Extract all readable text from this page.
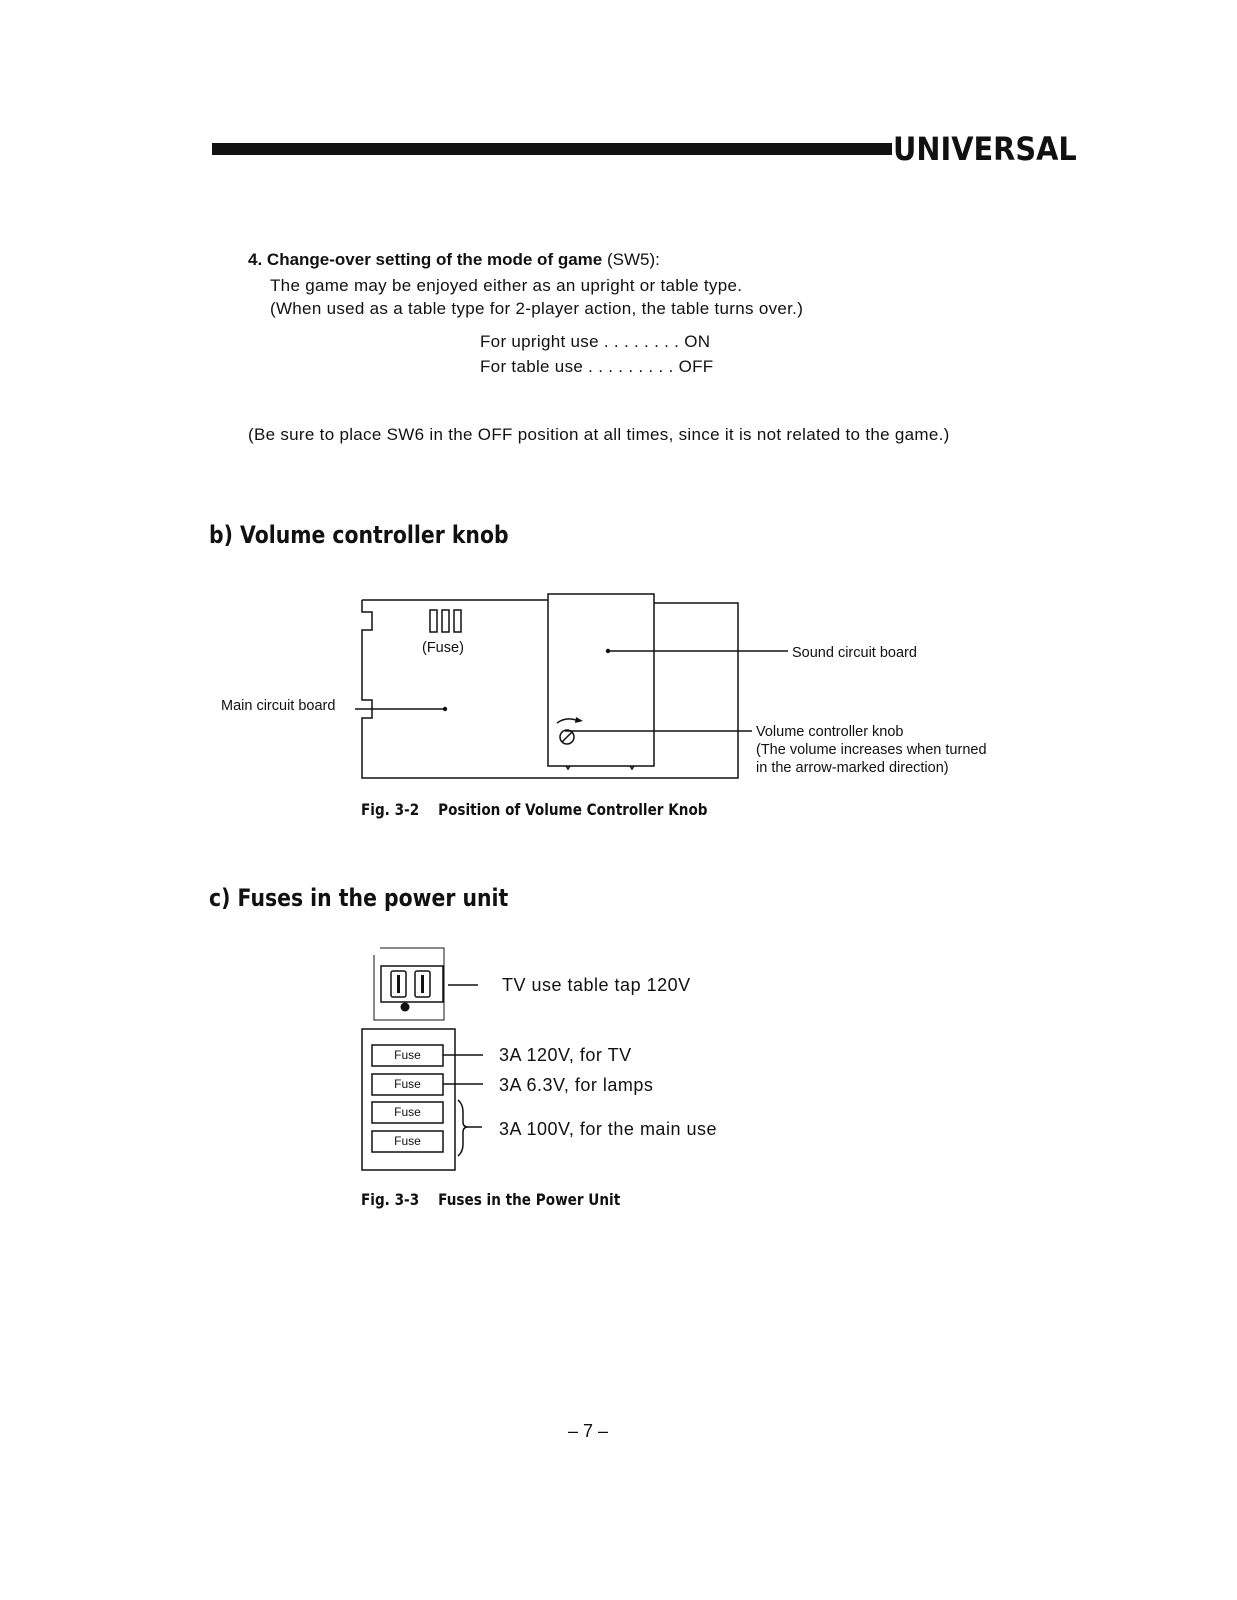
UNIVERSAL
4. Change-over setting of the mode of game (SW5):
The game may be enjoyed either as an upright or table type.
(When used as a table type for 2-player action, the table turns over.)
For upright use . . . . . . . . ON
For table use . . . . . . . . . OFF
(Be sure to place SW6 in the OFF position at all times, since it is not related to the game.)
b) Volume controller knob
(Fuse)
Main circuit board
Sound circuit board
Volume controller knob
(The volume increases when turned
in the arrow-marked direction)
Fig. 3-2 Position of Volume Controller Knob
c) Fuses in the power unit
Fuse
Fuse
Fuse
Fuse
TV use table tap 120V
3A 120V, for TV
3A 6.3V, for lamps
3A 100V, for the main use
Fig. 3-3 Fuses in the Power Unit
– 7 –
